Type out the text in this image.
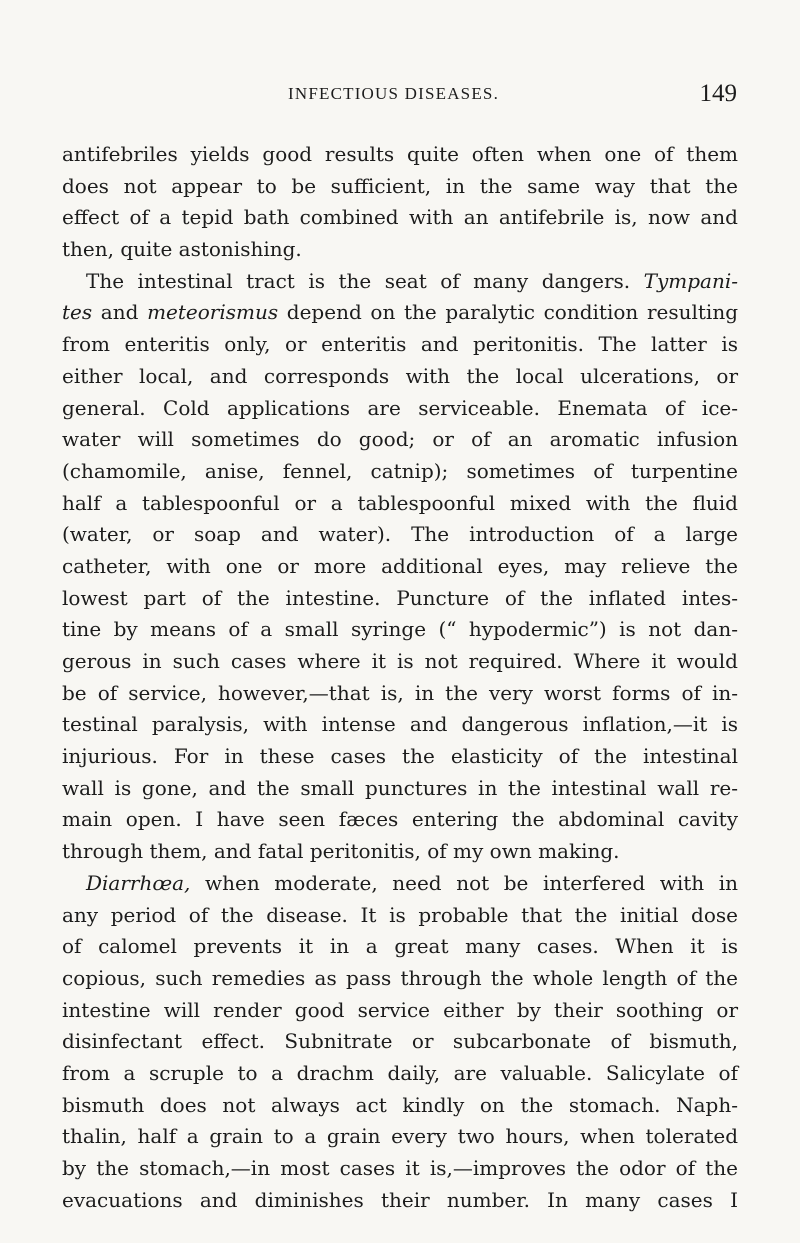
INFECTIOUS DISEASES.	149
antifebriles yields good results quite often when one of them
does not appear to be sufficient, in the same way that the
effect of a tepid bath combined with an antifebrile is, now and
then, quite astonishing.
The intestinal tract is the seat of many dangers. Tympani-
tes and meteorismus depend on the paralytic condition resulting
from enteritis only, or enteritis and peritonitis. The latter is
either local, and corresponds with the local ulcerations, or
general. Cold applications are serviceable. Enemata of ice-
water will sometimes do good; or of an aromatic infusion
(chamomile, anise, fennel, catnip); sometimes of turpentine
half a tablespoonful or a tablespoonful mixed with the fluid
(water, or soap and water). The introduction of a large
catheter, with one or more additional eyes, may relieve the
lowest part of the intestine. Puncture of the inflated intes-
tine by means of a small syringe (“ hypodermic”) is not dan-
gerous in such cases where it is not required. Where it would
be of service, however,—that is, in the very worst forms of in-
testinal paralysis, with intense and dangerous inflation,—it is
injurious. For in these cases the elasticity of the intestinal
wall is gone, and the small punctures in the intestinal wall re-
main open. I have seen fæces entering the abdominal cavity
through them, and fatal peritonitis, of my own making.
Diarrhœa, when moderate, need not be interfered with in
any period of the disease. It is probable that the initial dose
of calomel prevents it in a great many cases. When it is
copious, such remedies as pass through the whole length of the
intestine will render good service either by their soothing or
disinfectant effect. Subnitrate or subcarbonate of bismuth,
from a scruple to a drachm daily, are valuable. Salicylate of
bismuth does not always act kindly on the stomach. Naph-
thalin, half a grain to a grain every two hours, when tolerated
by the stomach,—in most cases it is,—improves the odor of the
evacuations and diminishes their number. In many cases I
